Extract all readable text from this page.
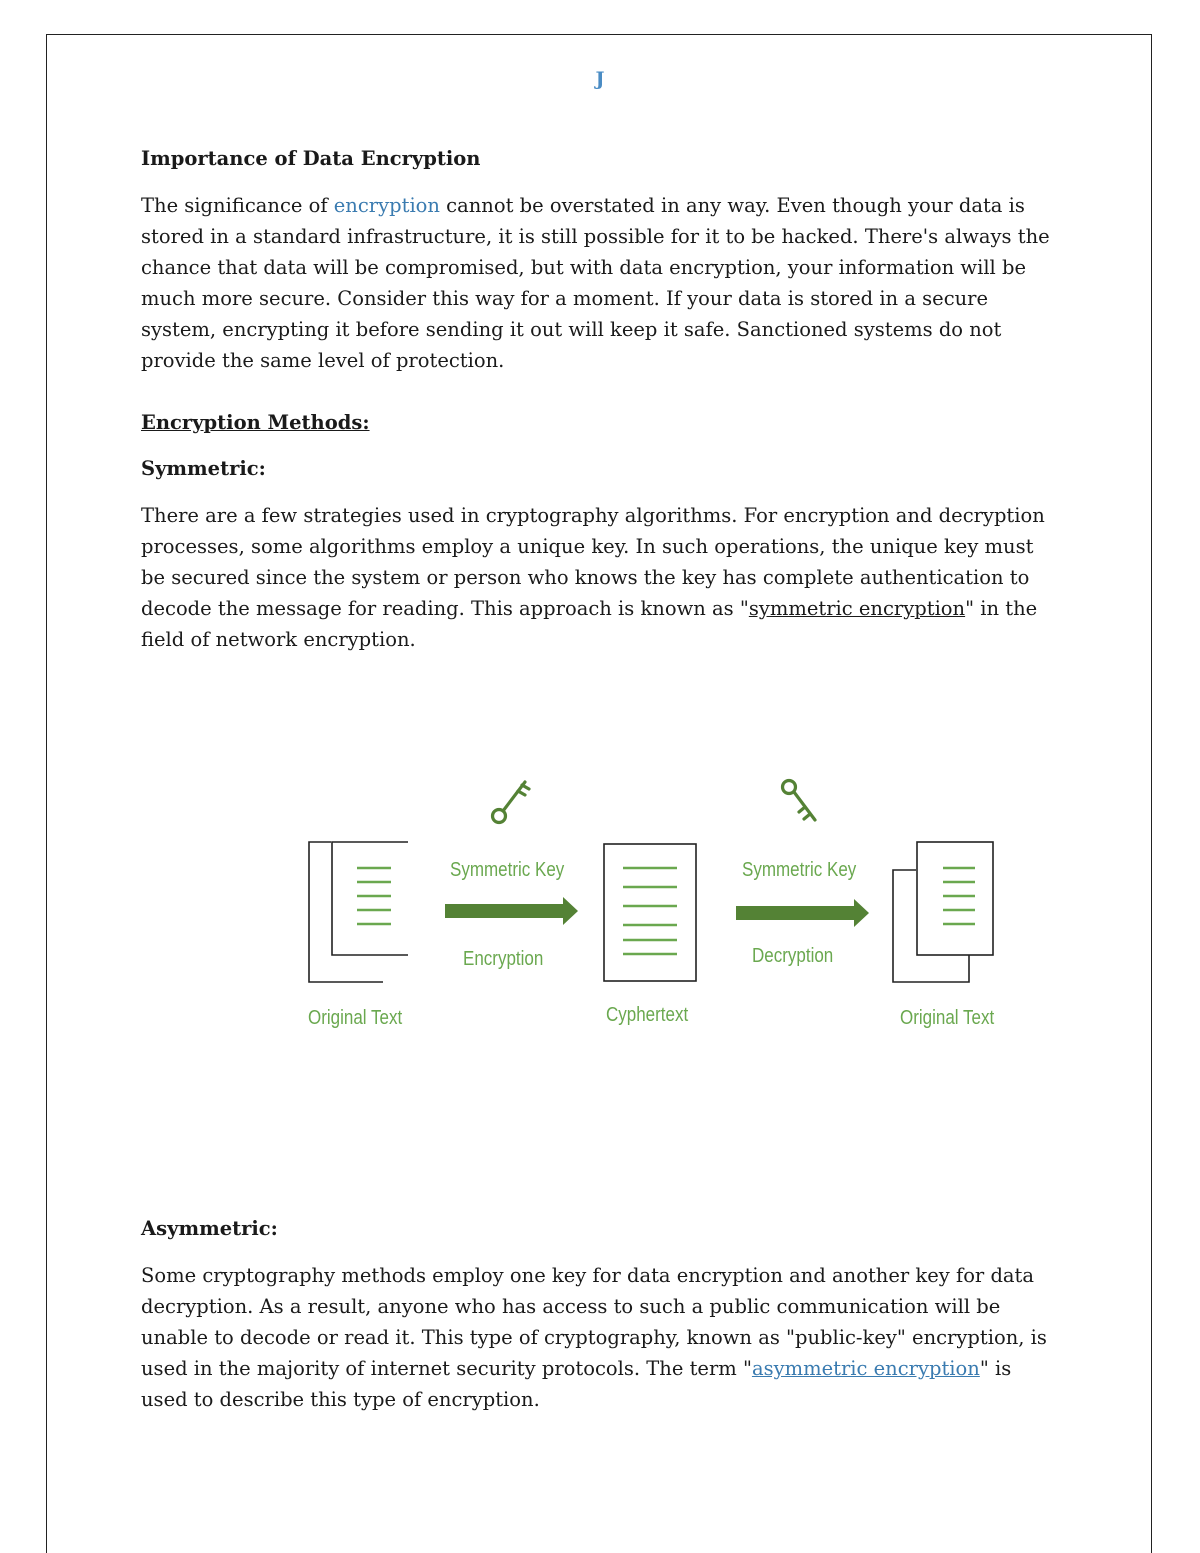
J

Importance of Data Encryption

The significance of encryption cannot be overstated in any way. Even though your data is stored in a standard infrastructure, it is still possible for it to be hacked. There's always the chance that data will be compromised, but with data encryption, your information will be much more secure. Consider this way for a moment. If your data is stored in a secure system, encrypting it before sending it out will keep it safe. Sanctioned systems do not provide the same level of protection.

Encryption Methods:

Symmetric:

There are a few strategies used in cryptography algorithms. For encryption and decryption processes, some algorithms employ a unique key. In such operations, the unique key must be secured since the system or person who knows the key has complete authentication to decode the message for reading. This approach is known as "symmetric encryption" in the field of network encryption.

Symmetric Key	Symmetric Key
Encryption	Decryption
Original Text	Cyphertext	Original Text

Asymmetric:

Some cryptography methods employ one key for data encryption and another key for data decryption. As a result, anyone who has access to such a public communication will be unable to decode or read it. This type of cryptography, known as "public-key" encryption, is used in the majority of internet security protocols. The term "asymmetric encryption" is used to describe this type of encryption.
